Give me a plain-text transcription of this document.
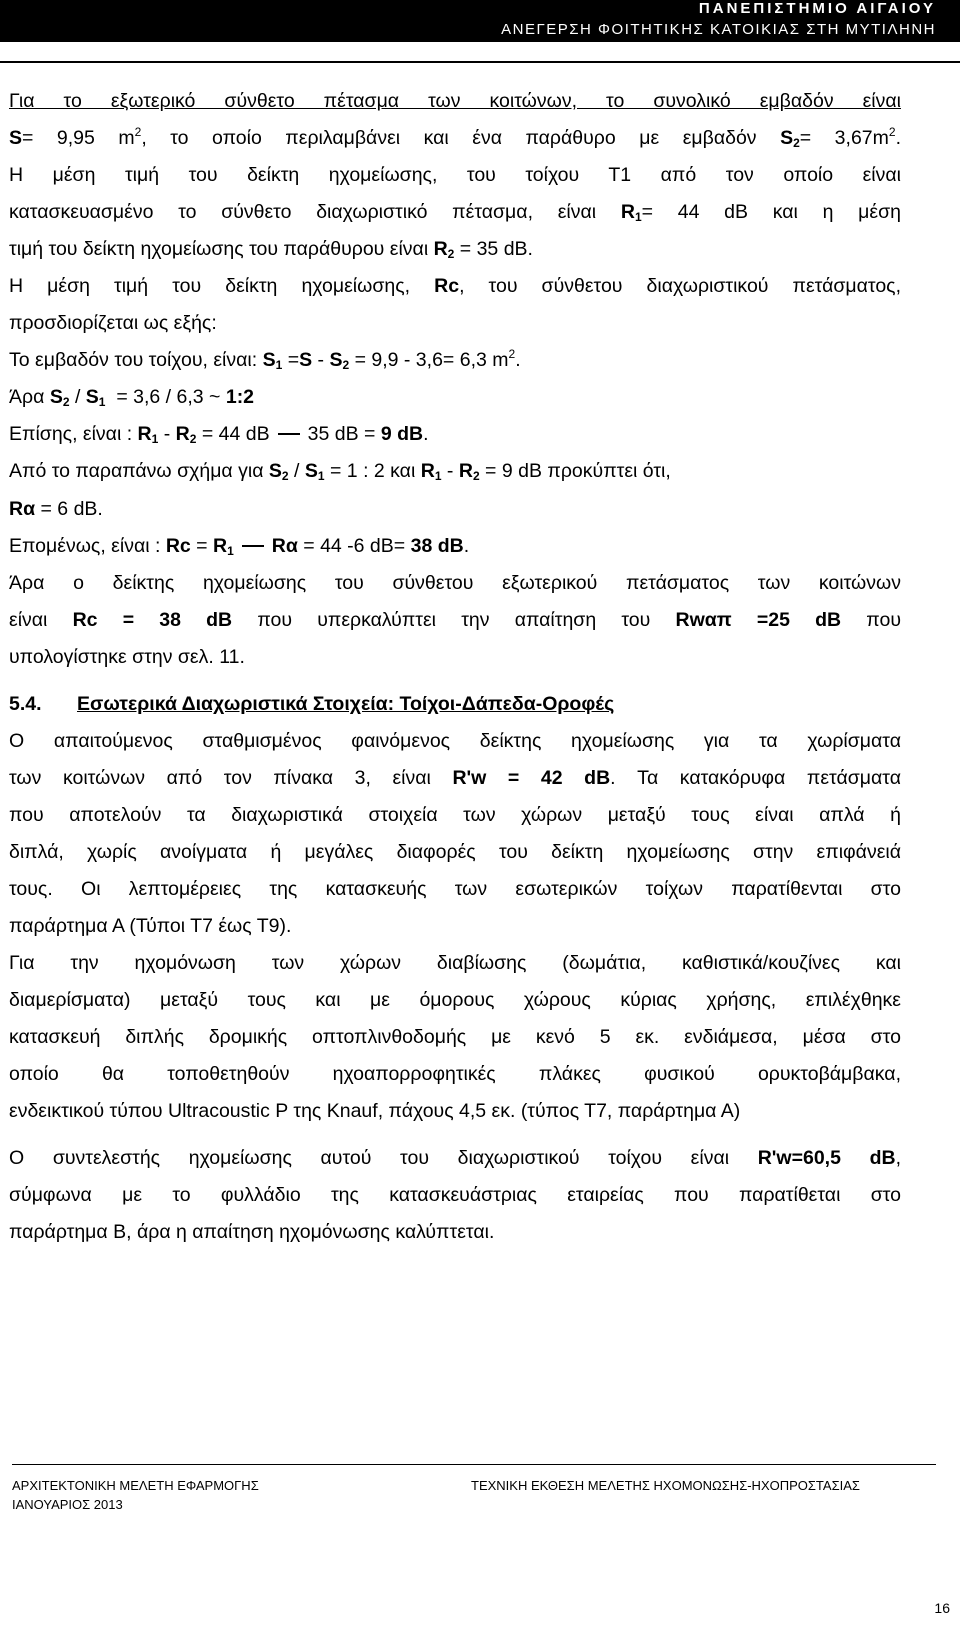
ΠΑΝΕΠΙΣΤΗΜΙΟ ΑΙΓΑΙΟΥ
ΑΝΕΓΕΡΣΗ ΦΟΙΤΗΤΙΚΗΣ ΚΑΤΟΙΚΙΑΣ ΣΤΗ ΜΥΤΙΛΗΝΗ
Για το εξωτερικό σύνθετο πέτασμα των κοιτώνων, το συνολικό εμβαδόν είναι
S= 9,95 $m^2$, το οποίο περιλαμβάνει και ένα παράθυρο με εμβαδόν $S_2= 3,67m^2$.
Η μέση τιμή του δείκτη ηχομείωσης, του τοίχου Τ1 από τον οποίο είναι
κατασκευασμένο το σύνθετο διαχωριστικό πέτασμα, είναι $R_1= 44$ dB και η μέση
τιμή του δείκτη ηχομείωσης του παράθυρου είναι $R_2 = 35$ dB.
Η μέση τιμή του δείκτη ηχομείωσης, Rc, του σύνθετου διαχωριστικού πετάσματος,
προσδιορίζεται ως εξής:
Το εμβαδόν του τοίχου, είναι: $S_1 =S - S_2 = 9,9 - 3,6= 6,3$ $m^2$.
Άρα $S_2 / S_1 = 3,6 / 6,3$ ~ 1:2
Επίσης, είναι : $R_1 - R_2 = 44$ dB 35 dB = 9 dB.
Από το παραπάνω σχήμα για $S_2 / S_1 = 1$ : 2 και $R_1 - R_2 = 9$ dB προκύπτει ότι,
Rα = 6 dB.
Επομένως, είναι : $Rc = R_1$ Rα = 44 -6 dB= 38 dB.
Άρα ο δείκτης ηχομείωσης του σύνθετου εξωτερικού πετάσματος των κοιτώνων
είναι Rc = 38 dB που υπερκαλύπτει την απαίτηση του Rwαπ =25 dB που
υπολογίστηκε στην σελ. 11.
5.4. Εσωτερικά Διαχωριστικά Στοιχεία: Τοίχοι-Δάπεδα-Οροφές
Ο απαιτούμενος σταθμισμένος φαινόμενος δείκτης ηχομείωσης για τα χωρίσματα
των κοιτώνων από τον πίνακα 3, είναι R'w = 42 dB. Τα κατακόρυφα πετάσματα
που αποτελούν τα διαχωριστικά στοιχεία των χώρων μεταξύ τους είναι απλά ή
διπλά, χωρίς ανοίγματα ή μεγάλες διαφορές του δείκτη ηχομείωσης στην επιφάνειά
τους. Οι λεπτομέρειες της κατασκευής των εσωτερικών τοίχων παρατίθενται στο
παράρτημα Α (Τύποι Τ7 έως Τ9).
Για την ηχομόνωση των χώρων διαβίωσης (δωμάτια, καθιστικά/κουζίνες και
διαμερίσματα) μεταξύ τους και με όμορους χώρους κύριας χρήσης, επιλέχθηκε
κατασκευή διπλής δρομικής οπτοπλινθοδομής με κενό 5 εκ. ενδιάμεσα, μέσα στο
οποίο θα τοποθετηθούν ηχοαπορροφητικές πλάκες φυσικού ορυκτοβάμβακα,
ενδεικτικού τύπου Ultracoustic P της Knauf, πάχους 4,5 εκ. (τύπος Τ7, παράρτημα Α)
Ο συντελεστής ηχομείωσης αυτού του διαχωριστικού τοίχου είναι R'w=60,5 dB,
σύμφωνα με το φυλλάδιο της κατασκευάστριας εταιρείας που παρατίθεται στο
παράρτημα Β, άρα η απαίτηση ηχομόνωσης καλύπτεται.
ΑΡΧΙΤΕΚΤΟΝΙΚΗ ΜΕΛΕΤΗ ΕΦΑΡΜΟΓΗΣ	ΤΕΧΝΙΚΗ ΕΚΘΕΣΗ ΜΕΛΕΤΗΣ ΗΧΟΜΟΝΩΣΗΣ-ΗΧΟΠΡΟΣΤΑΣΙΑΣ
ΙΑΝΟΥΑΡΙΟΣ 2013
16
